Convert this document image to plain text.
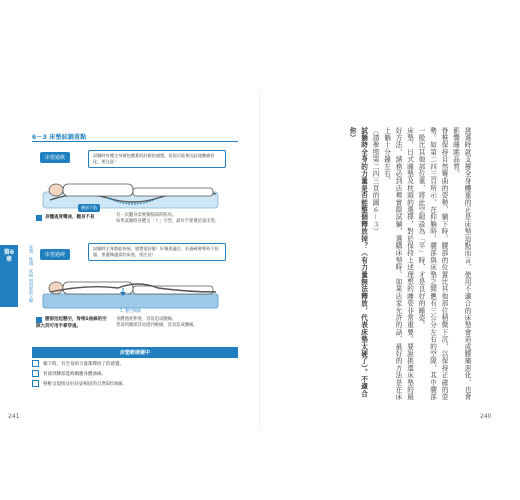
6－3 床墊試躺重點
第6章	床墊、枕頭、床組 如何幫助入睡
床墊過軟	試躺時有種全身被包覆著的舒服的感覺，但很可能會因此使腰痛惡化，要注意！
腰部下陷
身體過度彎曲，翻身不易	有一次翻身需要動腦部的肌肉。
如果試躺時身體呈「く」字型，最好不要選這張床墊。
床墊過硬
試躺時全身都能伸展，感覺很舒服！好像很適合，但過硬會導致不舒服，要選擇適當的床墊，要注意！
1. 懸空間隙
腰部抬起懸空，脊椎S曲線的空隙大到可用手掌穿過。
身體過度伸展，容易造成腰痛。
背部到腰部容易感到痠痛，容易造成腰痛。
床墊軟硬適中
躺下時，有全身的力量都釋放了的感覺。
背部到腰部能夠順應身體曲線。
脊椎呈現與良好站姿相同的自然S形曲線。
241
挑選時就支撐全身體重的正是床墊這點而言，使用不適合的床墊會造成腰痛惡化，也會影響睡眠品質。
脊椎保持自然彎曲的姿勢，躺下時，腰部的位置比其他部位稍微下沉，以保持正確的姿勢。如第二四三頁所示，在仰躺時，腰部與床墊之間應有三公分左右的空隙，其中腰部一般比其他部位重，將此空隙設為「平」時，才是良好的睡姿。
床墊，日式睡墊及枕頭的選擇，對於保持上述理想的睡姿非常重要。要說挑選床墊的最好方法，請務必到店裡實際試躺，選購床墊時，如果店家允許的話，最好的方法是在床上躺十分鐘左右。
（請參照第二四三頁的圖６－３）
試躺時全身的力量是否能整個釋放掉？（有力量無法釋放，代表床墊太硬了）。不適合你）
240
